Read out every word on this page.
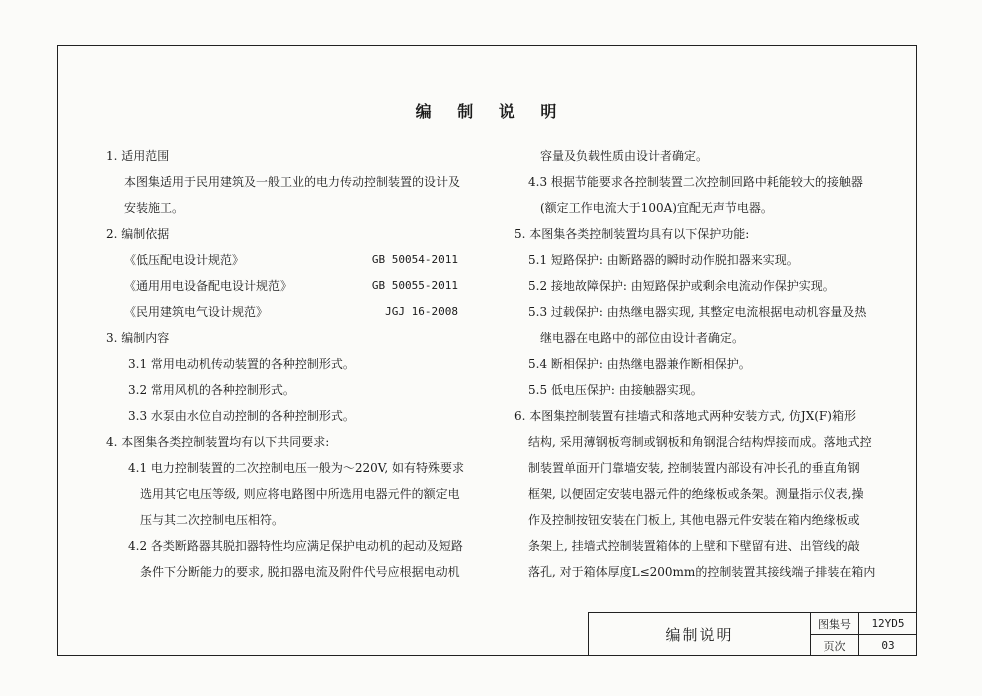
编 制 说 明
1. 适用范围
本图集适用于民用建筑及一般工业的电力传动控制装置的设计及
安装施工。
2. 编制依据
《低压配电设计规范》	GB 50054-2011
《通用用电设备配电设计规范》	GB 50055-2011
《民用建筑电气设计规范》	JGJ 16-2008
3. 编制内容
3.1 常用电动机传动装置的各种控制形式。
3.2 常用风机的各种控制形式。
3.3 水泵由水位自动控制的各种控制形式。
4. 本图集各类控制装置均有以下共同要求:
4.1 电力控制装置的二次控制电压一般为～220V, 如有特殊要求
选用其它电压等级, 则应将电路图中所选用电器元件的额定电
压与其二次控制电压相符。
4.2 各类断路器其脱扣器特性均应满足保护电动机的起动及短路
条件下分断能力的要求, 脱扣器电流及附件代号应根据电动机
容量及负载性质由设计者确定。
4.3 根据节能要求各控制装置二次控制回路中耗能较大的接触器
(额定工作电流大于100A)宜配无声节电器。
5. 本图集各类控制装置均具有以下保护功能:
5.1 短路保护: 由断路器的瞬时动作脱扣器来实现。
5.2 接地故障保护: 由短路保护或剩余电流动作保护实现。
5.3 过载保护: 由热继电器实现, 其整定电流根据电动机容量及热
继电器在电路中的部位由设计者确定。
5.4 断相保护: 由热继电器兼作断相保护。
5.5 低电压保护: 由接触器实现。
6. 本图集控制装置有挂墙式和落地式两种安装方式, 仿JX(F)箱形
结构, 采用薄钢板弯制或钢板和角钢混合结构焊接而成。落地式控
制装置单面开门靠墙安装, 控制装置内部设有冲长孔的垂直角钢
框架, 以便固定安装电器元件的绝缘板或条架。测量指示仪表,操
作及控制按钮安装在门板上, 其他电器元件安装在箱内绝缘板或
条架上, 挂墙式控制装置箱体的上壁和下壁留有进、出管线的敲
落孔, 对于箱体厚度L≤200mm的控制装置其接线端子排装在箱内
编制说明
图集号	12YD5
页次	03
